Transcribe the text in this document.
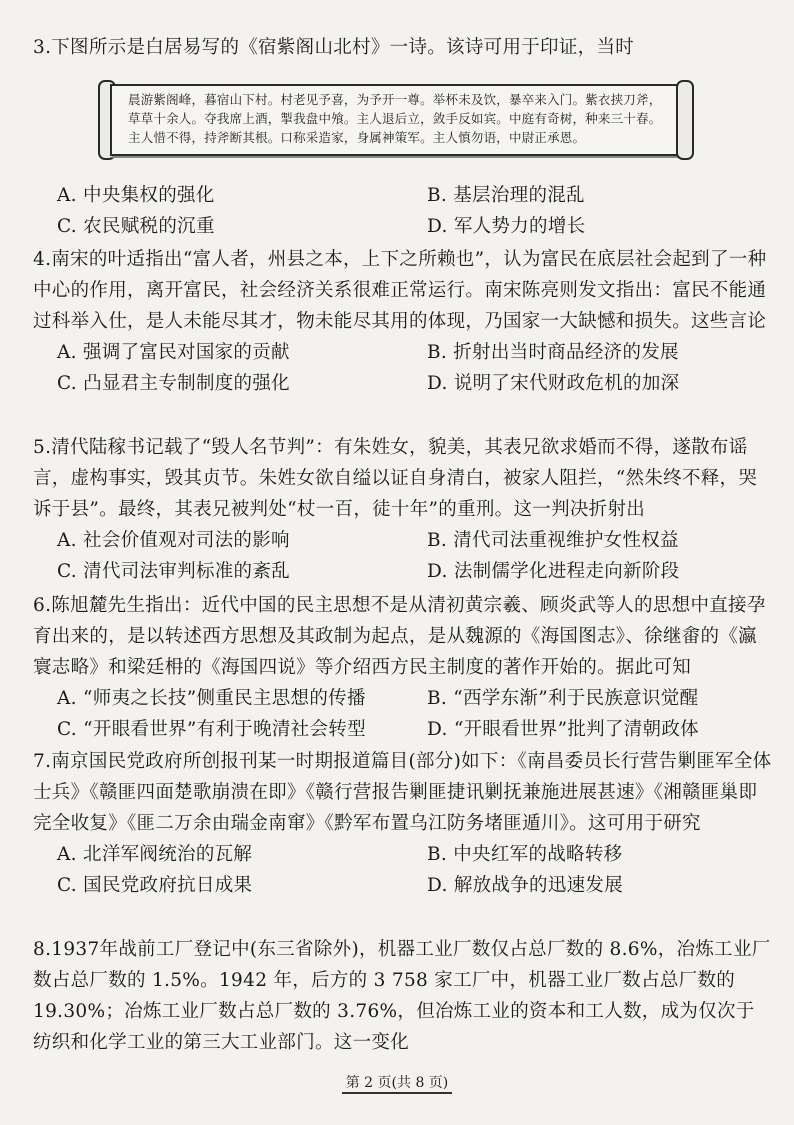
3.下图所示是白居易写的《宿紫阁山北村》一诗。该诗可用于印证，当时
晨游紫阁峰，暮宿山下村。村老见予喜，为予开一尊。举杯未及饮，暴卒来入门。紫衣挟刀斧，草草十余人。夺我席上酒，掣我盘中飧。主人退后立，敛手反如宾。中庭有奇树，种来三十春。主人惜不得，持斧断其根。口称采造家，身属神策军。主人慎勿语，中尉正承恩。
A. 中央集权的强化	B. 基层治理的混乱
C. 农民赋税的沉重	D. 军人势力的增长
4.南宋的叶适指出“富人者，州县之本，上下之所赖也”，认为富民在底层社会起到了一种中心的作用，离开富民，社会经济关系很难正常运行。南宋陈亮则发文指出：富民不能通过科举入仕，是人未能尽其才，物未能尽其用的体现，乃国家一大缺憾和损失。这些言论
A. 强调了富民对国家的贡献	B. 折射出当时商品经济的发展
C. 凸显君主专制制度的强化	D. 说明了宋代财政危机的加深
5.清代陆稼书记载了“毁人名节判”：有朱姓女，貌美，其表兄欲求婚而不得，遂散布谣言，虚构事实，毁其贞节。朱姓女欲自缢以证自身清白，被家人阻拦，“然朱终不释，哭诉于县”。最终，其表兄被判处“杖一百，徒十年”的重刑。这一判决折射出
A. 社会价值观对司法的影响	B. 清代司法重视维护女性权益
C. 清代司法审判标准的紊乱	D. 法制儒学化进程走向新阶段
6.陈旭麓先生指出：近代中国的民主思想不是从清初黄宗羲、顾炎武等人的思想中直接孕育出来的，是以转述西方思想及其政制为起点，是从魏源的《海国图志》、徐继畬的《瀛寰志略》和梁廷枏的《海国四说》等介绍西方民主制度的著作开始的。据此可知
A. “师夷之长技”侧重民主思想的传播	B. “西学东渐”利于民族意识觉醒
C. “开眼看世界”有利于晚清社会转型	D. “开眼看世界”批判了清朝政体
7.南京国民党政府所创报刊某一时期报道篇目(部分)如下：《南昌委员长行营告剿匪军全体士兵》《赣匪四面楚歌崩溃在即》《赣行营报告剿匪捷讯剿抚兼施进展甚速》《湘赣匪巢即完全收复》《匪二万余由瑞金南窜》《黔军布置乌江防务堵匪遁川》。这可用于研究
A. 北洋军阀统治的瓦解	B. 中央红军的战略转移
C. 国民党政府抗日成果	D. 解放战争的迅速发展
8.1937年战前工厂登记中(东三省除外)，机器工业厂数仅占总厂数的 8.6%，冶炼工业厂数占总厂数的 1.5%。1942 年，后方的 3 758 家工厂中，机器工业厂数占总厂数的 19.30%；冶炼工业厂数占总厂数的 3.76%，但冶炼工业的资本和工人数，成为仅次于纺织和化学工业的第三大工业部门。这一变化
第 2 页(共 8 页)
